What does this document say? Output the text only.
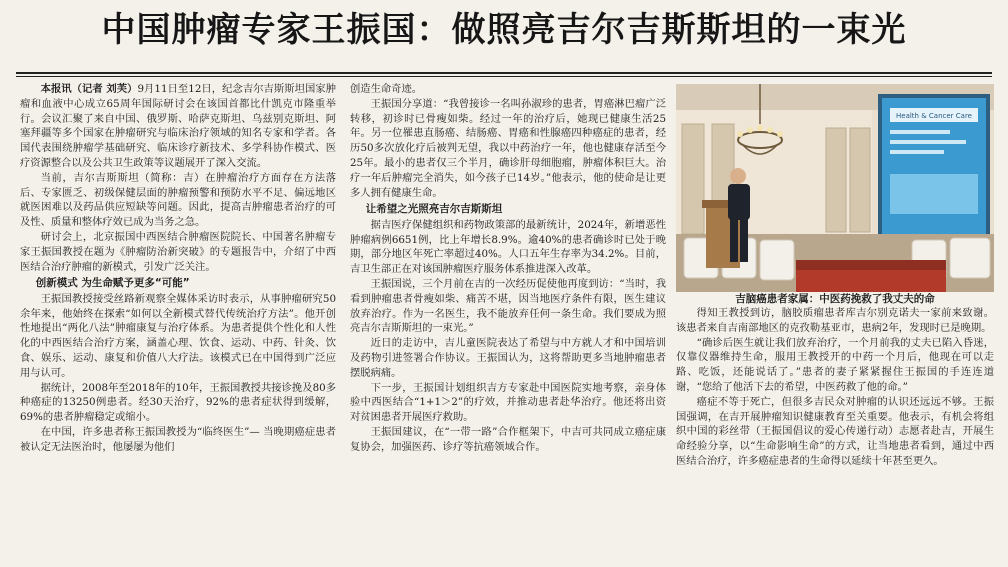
中国肿瘤专家王振国：做照亮吉尔吉斯斯坦的一束光

本报讯（记者 刘芙）9月11日至12日，纪念吉尔吉斯斯坦国家肿瘤和血液中心成立65周年国际研讨会在该国首都比什凯克市隆重举行。会议汇聚了来自中国、俄罗斯、哈萨克斯坦、乌兹别克斯坦、阿塞拜疆等多个国家在肿瘤研究与临床治疗领域的知名专家和学者。各国代表围绕肿瘤学基础研究、临床诊疗新技术、多学科协作模式、医疗资源整合以及公共卫生政策等议题展开了深入交流。

当前，吉尔吉斯斯坦（简称：吉）在肿瘤治疗方面存在方法落后、专家匮乏、初级保健层面的肿瘤预警和预防水平不足、偏远地区就医困难以及药品供应短缺等问题。因此，提高吉肿瘤患者治疗的可及性、质量和整体疗效已成为当务之急。

研讨会上，北京振国中西医结合肿瘤医院院长、中国著名肿瘤专家王振国教授在题为《肿瘤防治新突破》的专题报告中，介绍了中西医结合治疗肿瘤的新模式，引发广泛关注。

创新模式 为生命赋予更多“可能”

王振国教授接受丝路新观察全媒体采访时表示，从事肿瘤研究50余年来，他始终在探索“如何以全新模式替代传统治疗方法”。他开创性地提出“两化八法”肿瘤康复与治疗体系。为患者提供个性化和人性化的中西医结合治疗方案，涵盖心理、饮食、运动、中药、针灸、饮食、娱乐、运动、康复和价值八大疗法。该模式已在中国得到广泛应用与认可。

据统计，2008年至2018年的10年，王振国教授共接诊挽及80多种癌症的13250例患者。经30天治疗，92%的患者症状得到缓解，69%的患者肿瘤稳定或缩小。

在中国，许多患者称王振国教授为“临终医生”— 当晚期癌症患者被认定无法医治时，他屡屡为他们

创造生命奇迹。

王振国分享道：“我曾接诊一名叫孙淑珍的患者，胃癌淋巴瘤广泛转移，初诊时已骨瘦如柴。经过一年的治疗后，她现已健康生活25年。另一位罹患直肠癌、结肠癌、胃癌和性腺癌四种癌症的患者，经历50多次放化疗后被判无望，我以中药治疗一年，他也健康存活至今25年。最小的患者仅三个半月，确诊肝母细胞瘤，肿瘤体积巨大。治疗一年后肿瘤完全消失，如今孩子已14岁。”他表示，他的使命是让更多人拥有健康生命。

让希望之光照亮吉尔吉斯斯坦

据吉医疗保健组织和药物政策部的最新统计，2024年，新增恶性肿瘤病例6651例，比上年增长8.9%。逾40%的患者确诊时已处于晚期，部分地区年死亡率超过40%。人口五年生存率为34.2%。目前，吉卫生部正在对该国肿瘤医疗服务体系推进深入改革。

王振国说，三个月前在吉的一次经历促使他再度到访：“当时，我看到肿瘤患者骨瘦如柴、痛苦不堪，因当地医疗条件有限，医生建议放弃治疗。作为一名医生，我不能放弃任何一条生命。我们要成为照亮吉尔吉斯斯坦的一束光。”

近日的走访中，吉儿童医院表达了希望与中方就人才和中国培训及药物引进签署合作协议。王振国认为，这将帮助更多当地肿瘤患者摆脱病痛。

下一步，王振国计划组织吉方专家赴中国医院实地考察，亲身体验中西医结合“1+1＞2”的疗效，并推动患者赴华治疗。他还将出资对贫困患者开展医疗救助。

王振国建议，在“一带一路”合作框架下，中吉可共同成立癌症康复协会，加强医药、诊疗等抗癌领域合作。

Health & Cancer Care
吉脑癌患者家属：中医药挽救了我丈夫的命

得知王教授到访，脑胶质瘤患者库吉尔别克诺夫一家前来致谢。该患者来自吉南部地区的克孜勒基亚市，患病2年，发现时已是晚期。

“确诊后医生就让我们放弃治疗，一个月前我的丈夫已陷入昏迷，仅靠仪器维持生命，服用王教授开的中药一个月后，他现在可以走路、吃饭，还能说话了。”患者的妻子紧紧握住王振国的手连连道谢，“您给了他活下去的希望，中医药救了他的命。”

癌症不等于死亡，但很多吉民众对肿瘤的认识还远远不够。王振国强调，在吉开展肿瘤知识健康教育至关重要。他表示，有机会将组织中国的彩丝带（王振国倡议的爱心传递行动）志愿者赴吉，开展生命经验分享，以“生命影响生命”的方式，让当地患者看到，通过中西医结合治疗，许多癌症患者的生命得以延续十年甚至更久。
